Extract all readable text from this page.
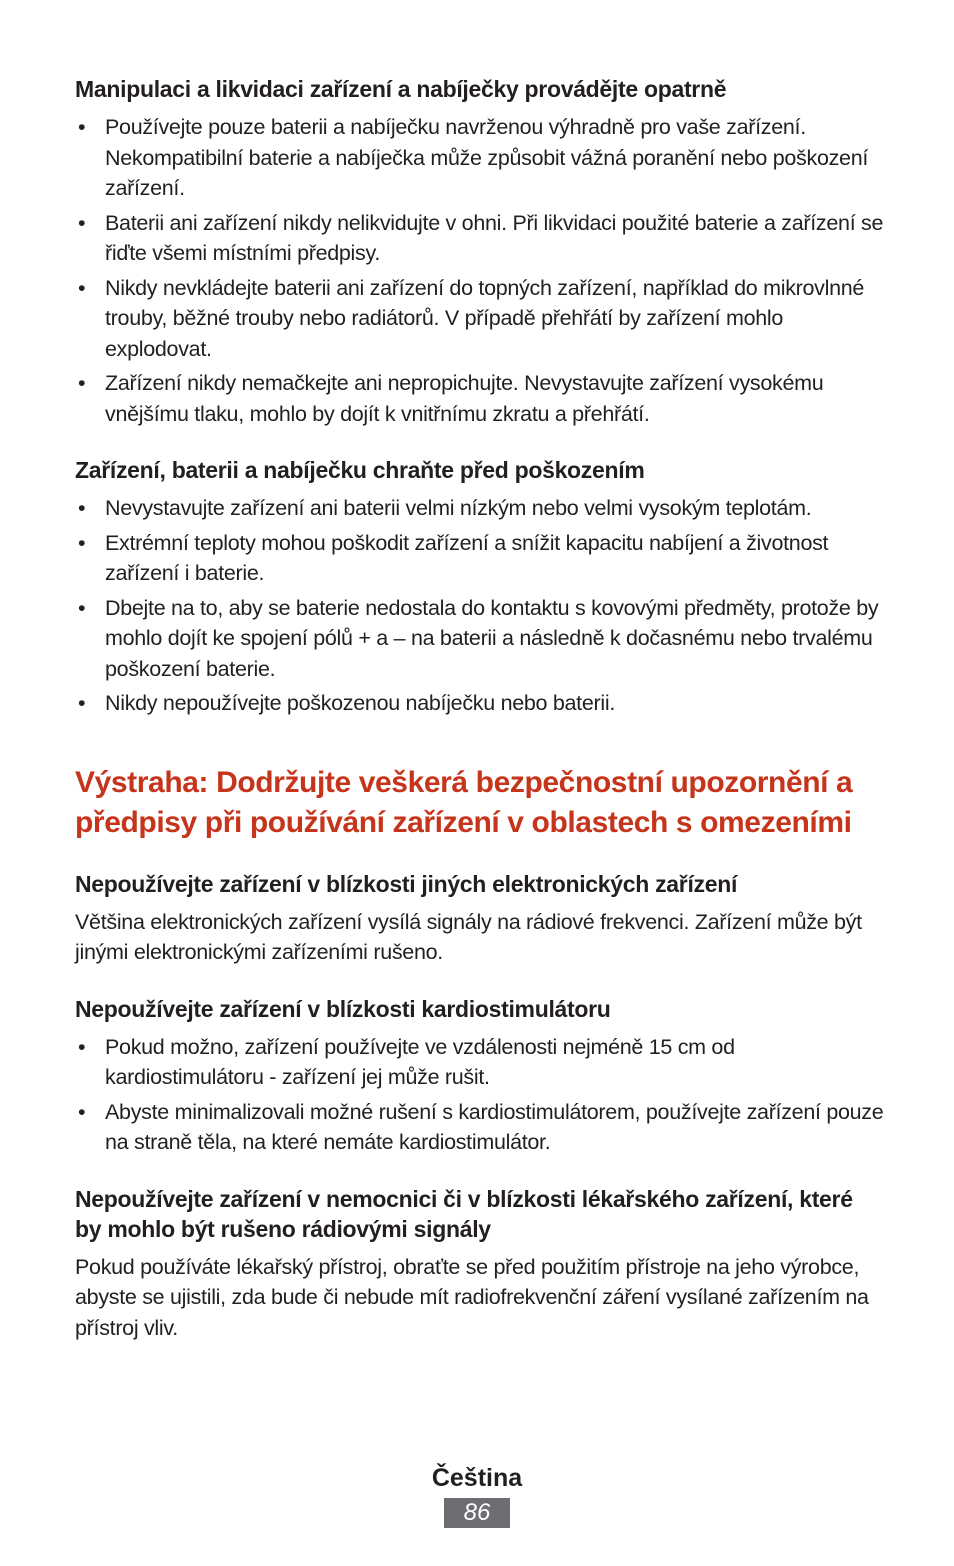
Manipulaci a likvidaci zařízení a nabíječky provádějte opatrně
• Používejte pouze baterii a nabíječku navrženou výhradně pro vaše zařízení. Nekompatibilní baterie a nabíječka může způsobit vážná poranění nebo poškození zařízení.
• Baterii ani zařízení nikdy nelikvidujte v ohni. Při likvidaci použité baterie a zařízení se řiďte všemi místními předpisy.
• Nikdy nevkládejte baterii ani zařízení do topných zařízení, například do mikrovlnné trouby, běžné trouby nebo radiátorů. V případě přehřátí by zařízení mohlo explodovat.
• Zařízení nikdy nemačkejte ani nepropichujte. Nevystavujte zařízení vysokému vnějšímu tlaku, mohlo by dojít k vnitřnímu zkratu a přehřátí.
Zařízení, baterii a nabíječku chraňte před poškozením
• Nevystavujte zařízení ani baterii velmi nízkým nebo velmi vysokým teplotám.
• Extrémní teploty mohou poškodit zařízení a snížit kapacitu nabíjení a životnost zařízení i baterie.
• Dbejte na to, aby se baterie nedostala do kontaktu s kovovými předměty, protože by mohlo dojít ke spojení pólů + a – na baterii a následně k dočasnému nebo trvalému poškození baterie.
• Nikdy nepoužívejte poškozenou nabíječku nebo baterii.
Výstraha: Dodržujte veškerá bezpečnostní upozornění a předpisy při používání zařízení v oblastech s omezeními
Nepoužívejte zařízení v blízkosti jiných elektronických zařízení

Většina elektronických zařízení vysílá signály na rádiové frekvenci. Zařízení může být jinými elektronickými zařízeními rušeno.

Nepoužívejte zařízení v blízkosti kardiostimulátoru
• Pokud možno, zařízení používejte ve vzdálenosti nejméně 15 cm od kardiostimulátoru - zařízení jej může rušit.
• Abyste minimalizovali možné rušení s kardiostimulátorem, používejte zařízení pouze na straně těla, na které nemáte kardiostimulátor.
Nepoužívejte zařízení v nemocnici či v blízkosti lékařského zařízení, které by mohlo být rušeno rádiovými signály

Pokud používáte lékařský přístroj, obraťte se před použitím přístroje na jeho výrobce, abyste se ujistili, zda bude či nebude mít radiofrekvenční záření vysílané zařízením na přístroj vliv.

Čeština
86
